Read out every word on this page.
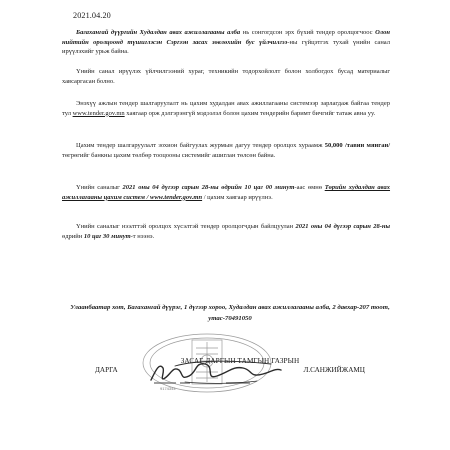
2021.04.20

Багахангай дүүргийн Худалдан авах ажиллагааны алба нь сонгогдсон эрх бүхий тендер оролцогчоос Олон нийтийн оролцоонд түшиглэсэн Сэргээн засах зөвлөхийн бус үйлчилгээ-ны гүйцэтгэх тухай үнийн санал ирүүлэхийг урьж байна.

Үнийн санал ирүүлэх үйлчилгээний хураг, техникийн тодорхойлолт болон холбогдох бусад материалыг хавсаргасан болно.

Энэхүү ажлын тендер шалгаруулалт нь цахим худалдан авах ажиллагааны системээр зарлагдаж байгаа тендер тул www.tender.gov.mn хаягаар орж дэлгэрэнгүй мэдээлэл болон цахим тендерийн баримт бичгийг татаж авна уу.

Цахим тендер шалгаруулалт зохион байгуулах журмын дагуу тендер оролцох хураамж 50,000 /тавин мянган/ төгрөгийг банкны цахим төлбөр тооцооны системийг ашиглан төлсөн байна.

Үнийн саналыг 2021 оны 04 дүгээр сарын 28-ны өдрийн 10 цаг 00 минут-аас өмнө Төрийн худалдан авах ажиллагааны цахим систем / www.tender.gov.mn / цахим хаягаар ирүүлнэ.

Үнийн саналыг нээлттэй оролцох хүсэлтэй тендер оролцогчдын байлцуулан 2021 оны 04 дүгээр сарын 28-ны өдрийн 10 цаг 30 минут-т нээнэ.

Улаанбаатар хот, Багахангай дүүрэг, 1 дүгээр хороо, Худалдан авах ажиллагааны алба, 2 давхар-207 тоот, утас-70491050
9174344
ЗАСАГ ДАРГЫН ТАМГЫН ГАЗРЫН
ДАРГА	Л.САНЖИЙЖАМЦ
